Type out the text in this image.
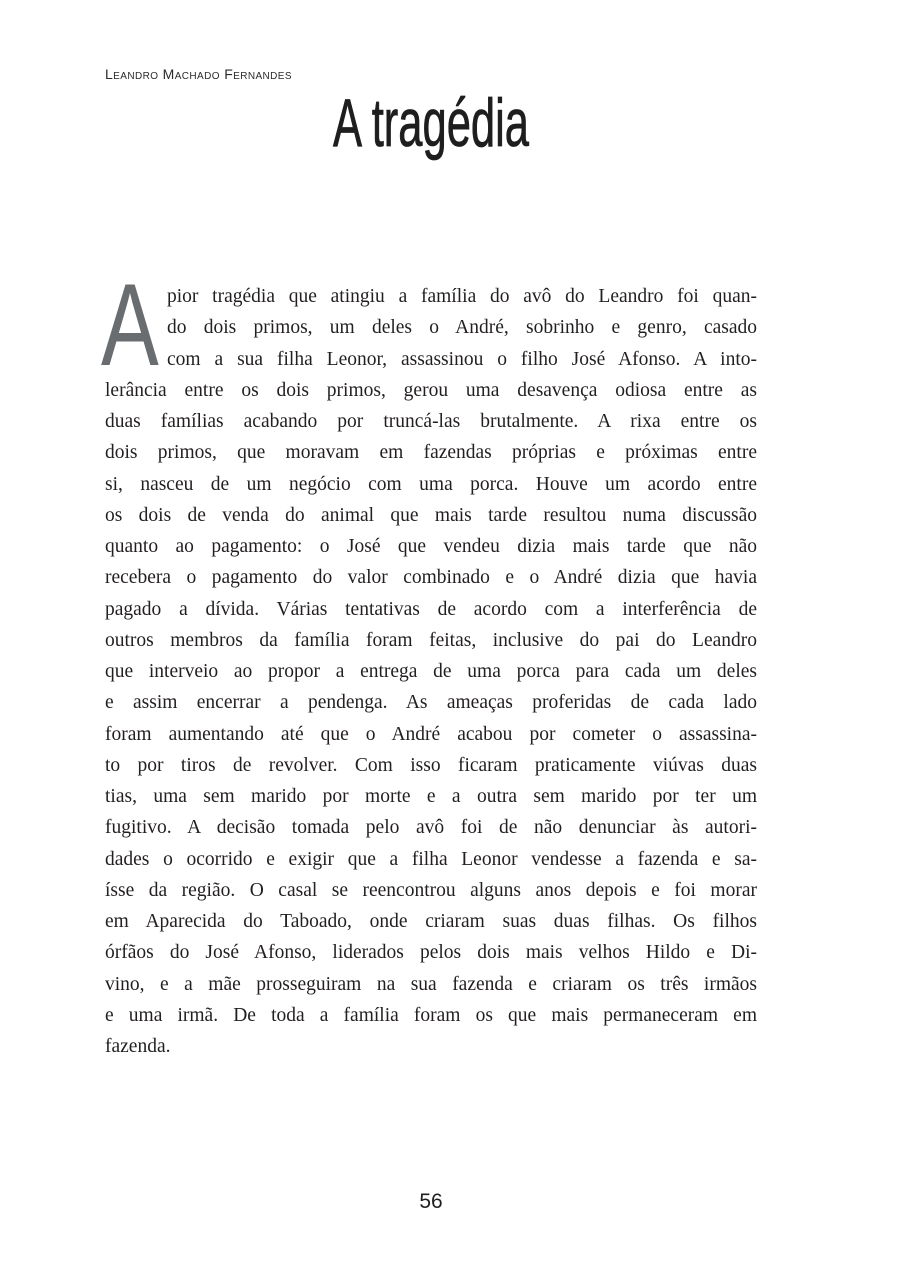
Leandro Machado Fernandes
A tragédia
A pior tragédia que atingiu a família do avô do Leandro foi quan-
do dois primos, um deles o André, sobrinho e genro, casado
com a sua filha Leonor, assassinou o filho José Afonso. A into-
lerância entre os dois primos, gerou uma desavença odiosa entre as
duas famílias acabando por truncá-las brutalmente. A rixa entre os
dois primos, que moravam em fazendas próprias e próximas entre
si, nasceu de um negócio com uma porca. Houve um acordo entre
os dois de venda do animal que mais tarde resultou numa discussão
quanto ao pagamento: o José que vendeu dizia mais tarde que não
recebera o pagamento do valor combinado e o André dizia que havia
pagado a dívida. Várias tentativas de acordo com a interferência de
outros membros da família foram feitas, inclusive do pai do Leandro
que interveio ao propor a entrega de uma porca para cada um deles
e assim encerrar a pendenga. As ameaças proferidas de cada lado
foram aumentando até que o André acabou por cometer o assassina-
to por tiros de revolver. Com isso ficaram praticamente viúvas duas
tias, uma sem marido por morte e a outra sem marido por ter um
fugitivo. A decisão tomada pelo avô foi de não denunciar às autori-
dades o ocorrido e exigir que a filha Leonor vendesse a fazenda e sa-
ísse da região. O casal se reencontrou alguns anos depois e foi morar
em Aparecida do Taboado, onde criaram suas duas filhas. Os filhos
órfãos do José Afonso, liderados pelos dois mais velhos Hildo e Di-
vino, e a mãe prosseguiram na sua fazenda e criaram os três irmãos
e uma irmã. De toda a família foram os que mais permaneceram em
fazenda.
56
